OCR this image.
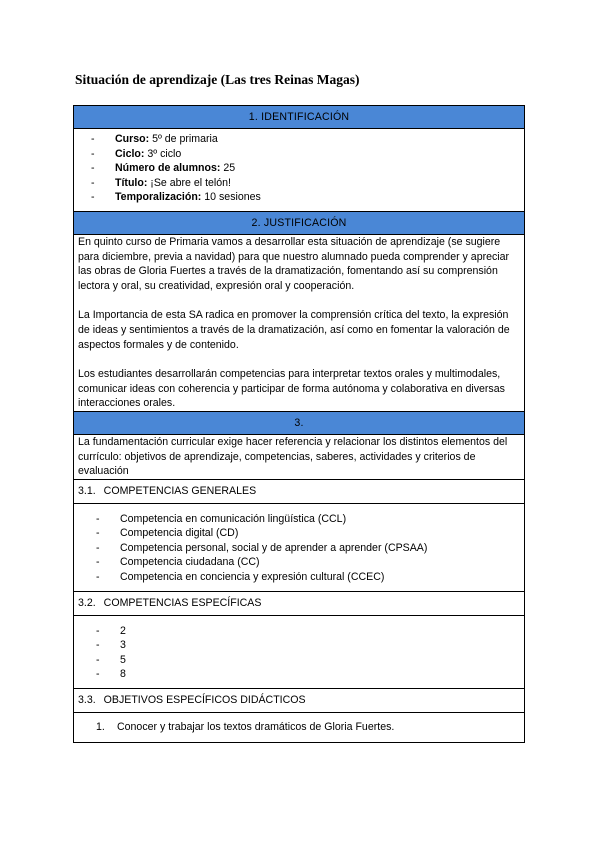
Situación de aprendizaje (Las tres Reinas Magas)
1. IDENTIFICACIÓN

- Curso: 5º de primaria
- Ciclo: 3º ciclo
- Número de alumnos: 25
- Título: ¡Se abre el telón!
- Temporalización: 10 sesiones

2. JUSTIFICACIÓN

En quinto curso de Primaria vamos a desarrollar esta situación de aprendizaje (se sugiere para diciembre, previa a navidad) para que nuestro alumnado pueda comprender y apreciar las obras de Gloria Fuertes a través de la dramatización, fomentando así su comprensión lectora y oral, su creatividad, expresión oral y cooperación.

La Importancia de esta SA radica en promover la comprensión crítica del texto, la expresión de ideas y sentimientos a través de la dramatización, así como en fomentar la valoración de aspectos formales y de contenido.

Los estudiantes desarrollarán competencias para interpretar textos orales y multimodales, comunicar ideas con coherencia y participar de forma autónoma y colaborativa en diversas interacciones orales.

3.

La fundamentación curricular exige hacer referencia y relacionar los distintos elementos del currículo: objetivos de aprendizaje, competencias, saberes, actividades y criterios de evaluación

3.1. COMPETENCIAS GENERALES

- Competencia en comunicación lingüística (CCL)
- Competencia digital (CD)
- Competencia personal, social y de aprender a aprender (CPSAA)
- Competencia ciudadana (CC)
- Competencia en conciencia y expresión cultural (CCEC)

3.2. COMPETENCIAS ESPECÍFICAS

- 2
- 3
- 5
- 8

3.3. OBJETIVOS ESPECÍFICOS DIDÁCTICOS

1. Conocer y trabajar los textos dramáticos de Gloria Fuertes.
